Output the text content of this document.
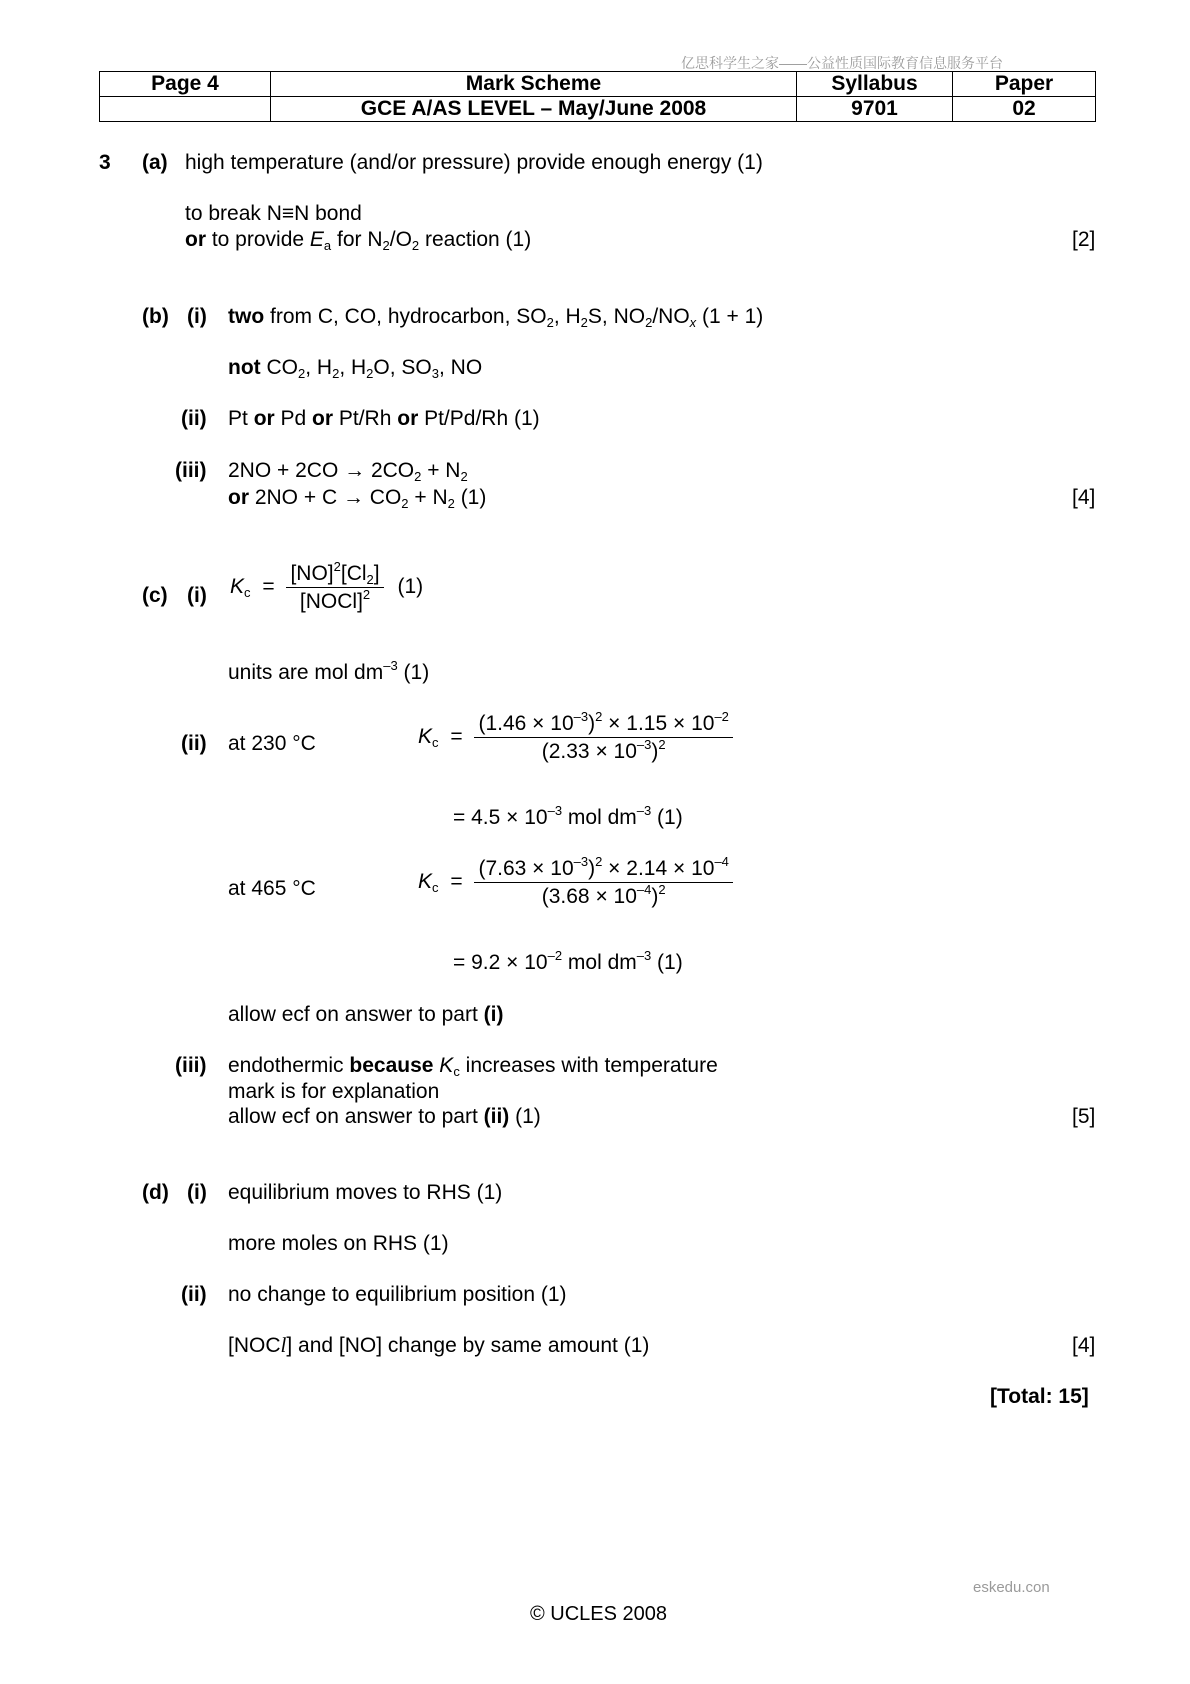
亿思科学生之家——公益性质国际教育信息服务平台
Page 4	Mark Scheme	Syllabus	Paper
	GCE A/AS LEVEL – May/June 2008	9701	02
3 (a) high temperature (and/or pressure) provide enough energy (1)
to break N≡N bond
or to provide $E_a$ for $N_2/O_2$ reaction (1)	[2]
(b) (i) two from C, CO, hydrocarbon, $SO_2$, $H_2S$, $NO_2/NO_x$ (1 + 1)
not $CO_2$, $H_2$, $H_2O$, $SO_3$, NO
(ii) Pt or Pd or Pt/Rh or Pt/Pd/Rh (1)
(iii) $2NO + 2CO \to 2CO_2 + N_2$
or $2NO + C \to CO_2 + N_2$ (1)	[4]
(c) (i) $K_c = \frac{[NO]^2[Cl_2]}{[NOCl]^2} (1)$
units are mol $dm^{-3}$ (1)
(ii) at 230 °C	$K_c = \frac{(1.46 \times 10^{-3})^2 \times 1.15 \times 10^{-2}}{(2.33 \times 10^{-3})^2}$
= $4.5 \times 10^{-3}$ mol $dm^{-3}$ (1)
at 465 °C	$K_c = \frac{(7.63 \times 10^{-3})^2 \times 2.14 \times 10^{-4}}{(3.68 \times 10^{-4})^2}$
= $9.2 \times 10^{-2}$ mol $dm^{-3}$ (1)
allow ecf on answer to part (i)
(iii) endothermic because $K_c$ increases with temperature
mark is for explanation
allow ecf on answer to part (ii) (1)	[5]
(d) (i) equilibrium moves to RHS (1)
more moles on RHS (1)
(ii) no change to equilibrium position (1)
[NOCl] and [NO] change by same amount (1)	[4]
[Total: 15]
eskedu.con
© UCLES 2008
